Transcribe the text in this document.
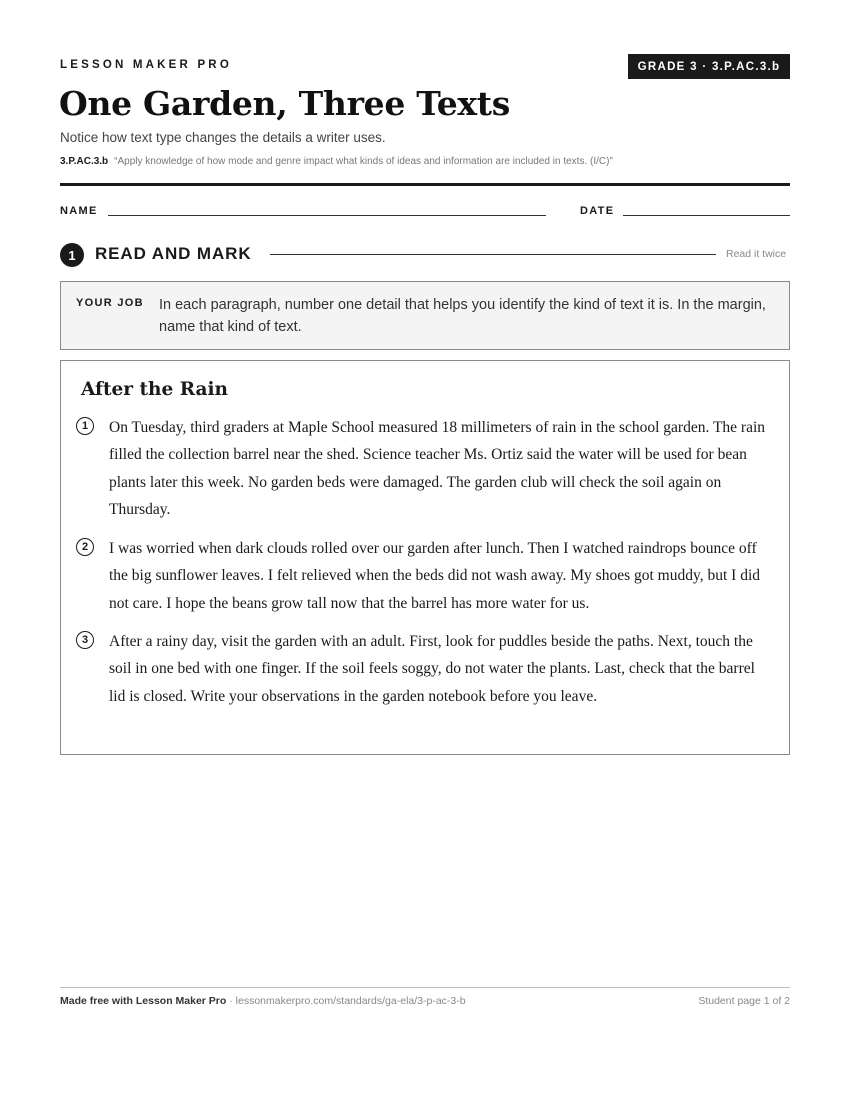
LESSON MAKER PRO	GRADE 3 · 3.P.AC.3.b
One Garden, Three Texts
Notice how text type changes the details a writer uses.
3.P.AC.3.b “Apply knowledge of how mode and genre impact what kinds of ideas and information are included in texts. (I/C)”
NAME	DATE
1	READ AND MARK	Read it twice
YOUR JOB In each paragraph, number one detail that helps you identify the kind of text it is. In the margin, name that kind of text.
After the Rain
1	On Tuesday, third graders at Maple School measured 18 millimeters of rain in the school garden. The rain filled the collection barrel near the shed. Science teacher Ms. Ortiz said the water will be used for bean plants later this week. No garden beds were damaged. The garden club will check the soil again on Thursday.
2	I was worried when dark clouds rolled over our garden after lunch. Then I watched raindrops bounce off the big sunflower leaves. I felt relieved when the beds did not wash away. My shoes got muddy, but I did not care. I hope the beans grow tall now that the barrel has more water for us.
3	After a rainy day, visit the garden with an adult. First, look for puddles beside the paths. Next, touch the soil in one bed with one finger. If the soil feels soggy, do not water the plants. Last, check that the barrel lid is closed. Write your observations in the garden notebook before you leave.
Made free with Lesson Maker Pro · lessonmakerpro.com/standards/ga-ela/3-p-ac-3-b	Student page 1 of 2
